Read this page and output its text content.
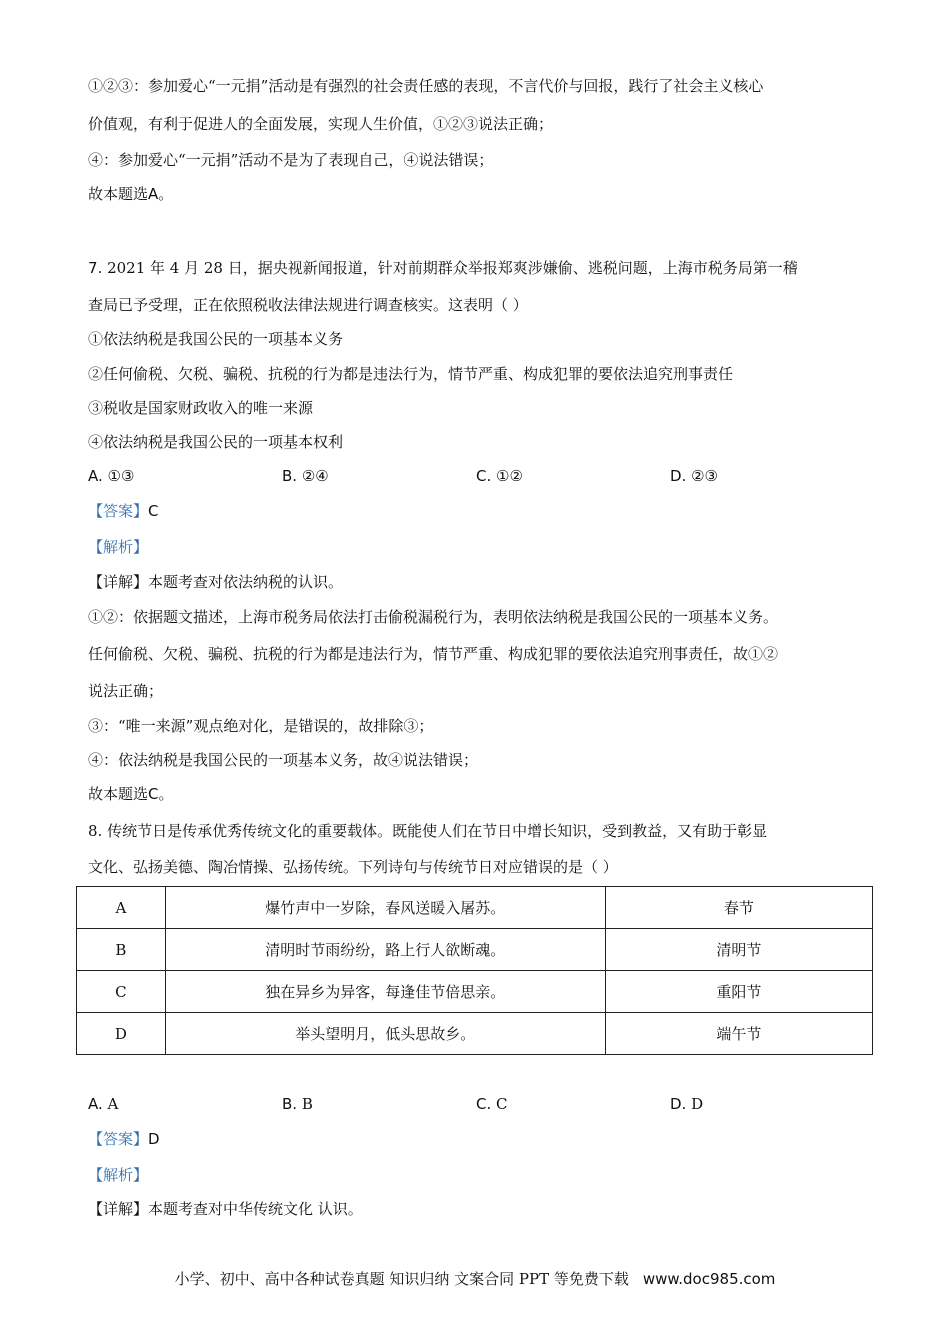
①②③：参加爱心“一元捐”活动是有强烈的社会责任感的表现，不言代价与回报，践行了社会主义核心
价值观，有利于促进人的全面发展，实现人生价值，①②③说法正确；
④：参加爱心“一元捐”活动不是为了表现自己，④说法错误；
故本题选A。
7. 2021 年 4 月 28 日，据央视新闻报道，针对前期群众举报郑爽涉嫌偷、逃税问题，上海市税务局第一稽
查局已予受理，正在依照税收法律法规进行调查核实。这表明（ ）
①依法纳税是我国公民的一项基本义务
②任何偷税、欠税、骗税、抗税的行为都是违法行为，情节严重、构成犯罪的要依法追究刑事责任
③税收是国家财政收入的唯一来源
④依法纳税是我国公民的一项基本权利
A. ①③	B. ②④	C. ①②	D. ②③
【答案】C
【解析】
【详解】本题考查对依法纳税的认识。
①②：依据题文描述，上海市税务局依法打击偷税漏税行为，表明依法纳税是我国公民的一项基本义务。
任何偷税、欠税、骗税、抗税的行为都是违法行为，情节严重、构成犯罪的要依法追究刑事责任，故①②
说法正确；
③：“唯一来源”观点绝对化，是错误的，故排除③；
④：依法纳税是我国公民的一项基本义务，故④说法错误；
故本题选C。
8. 传统节日是传承优秀传统文化的重要载体。既能使人们在节日中增长知识，受到教益，又有助于彰显
文化、弘扬美德、陶冶情操、弘扬传统。下列诗句与传统节日对应错误的是（ ）
A	爆竹声中一岁除，春风送暖入屠苏。	春节
B	清明时节雨纷纷，路上行人欲断魂。	清明节
C	独在异乡为异客，每逢佳节倍思亲。	重阳节
D	举头望明月，低头思故乡。	端午节
A. A	B. B	C. C	D. D
【答案】D
【解析】
【详解】本题考查对中华传统文化 认识。
小学、初中、高中各种试卷真题 知识归纳 文案合同 PPT 等免费下载 www.doc985.com
